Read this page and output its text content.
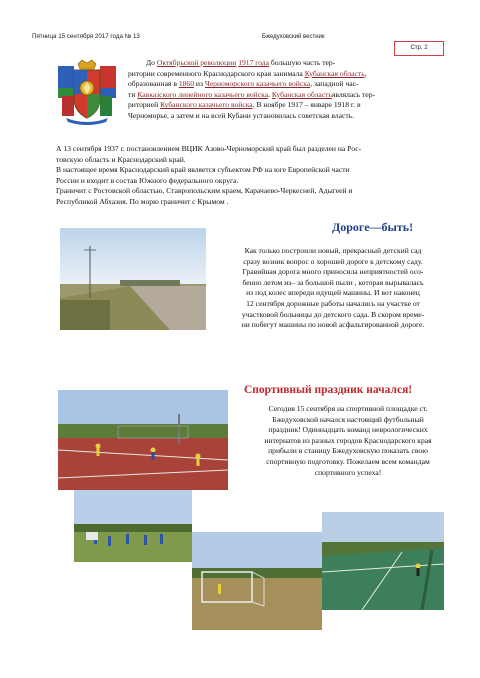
Пятница 15 сентября 2017 года № 13	Бжедуховский вестник
Стр. 2
До Октябрьской революции 1917 года большую часть тер-
ритории современного Краснодарского края занимала Кубанская область,
образованная в 1860 из Черноморского казачьего войска, западной час-
ти Кавказского линейного казачьего войска. Кубанская областьявлялась тер-
риторией Кубанского казачьего войска. В ноябре 1917 – январе 1918 г. в
Черноморье, а затем и на всей Кубани установилась советская власть.
А 13 сентября 1937 г. постановлением ВЦИК Азово-Черноморский край был разделен на Рос-
товскую область и Краснодарский край.
В настоящее время Краснодарский край является субъектом РФ на юге Европейской части
России и входит в состав Южного федерального округа.
Граничит с Ростовской областью, Ставропольским краем, Карачаево-Черкесней, Адыгеей и
Республикой Абхазия. По морю граничит с Крымом .
Дороге—быть!
Как только построили новый, прекрасный детский сад
сразу возник вопрос о хорошей дороге к детскому саду.
Гравийная дорога много приносила неприятностей осо-
бенно летом из– за большой пыли , которая вырывалась
из под колес впереди идущей машины. И вот наконец
12 сентября дорожные работы начались на участке от
участковой больницы до детского сада. В скором време-
ни побегут машины по новой асфальтированной дороге.
Спортивный праздник начался!
Сегодня 15 сентября на спортивной площадке ст.
Бжедуховской начался настоящий футбольный
праздник! Одиннадцать команд неврологических
интернатов из разных городов Краснодарского края
прибыли в станицу Бжедуховскую показать свою
спортивную подготовку. Пожелаем всем командам
спортивного успеха!
